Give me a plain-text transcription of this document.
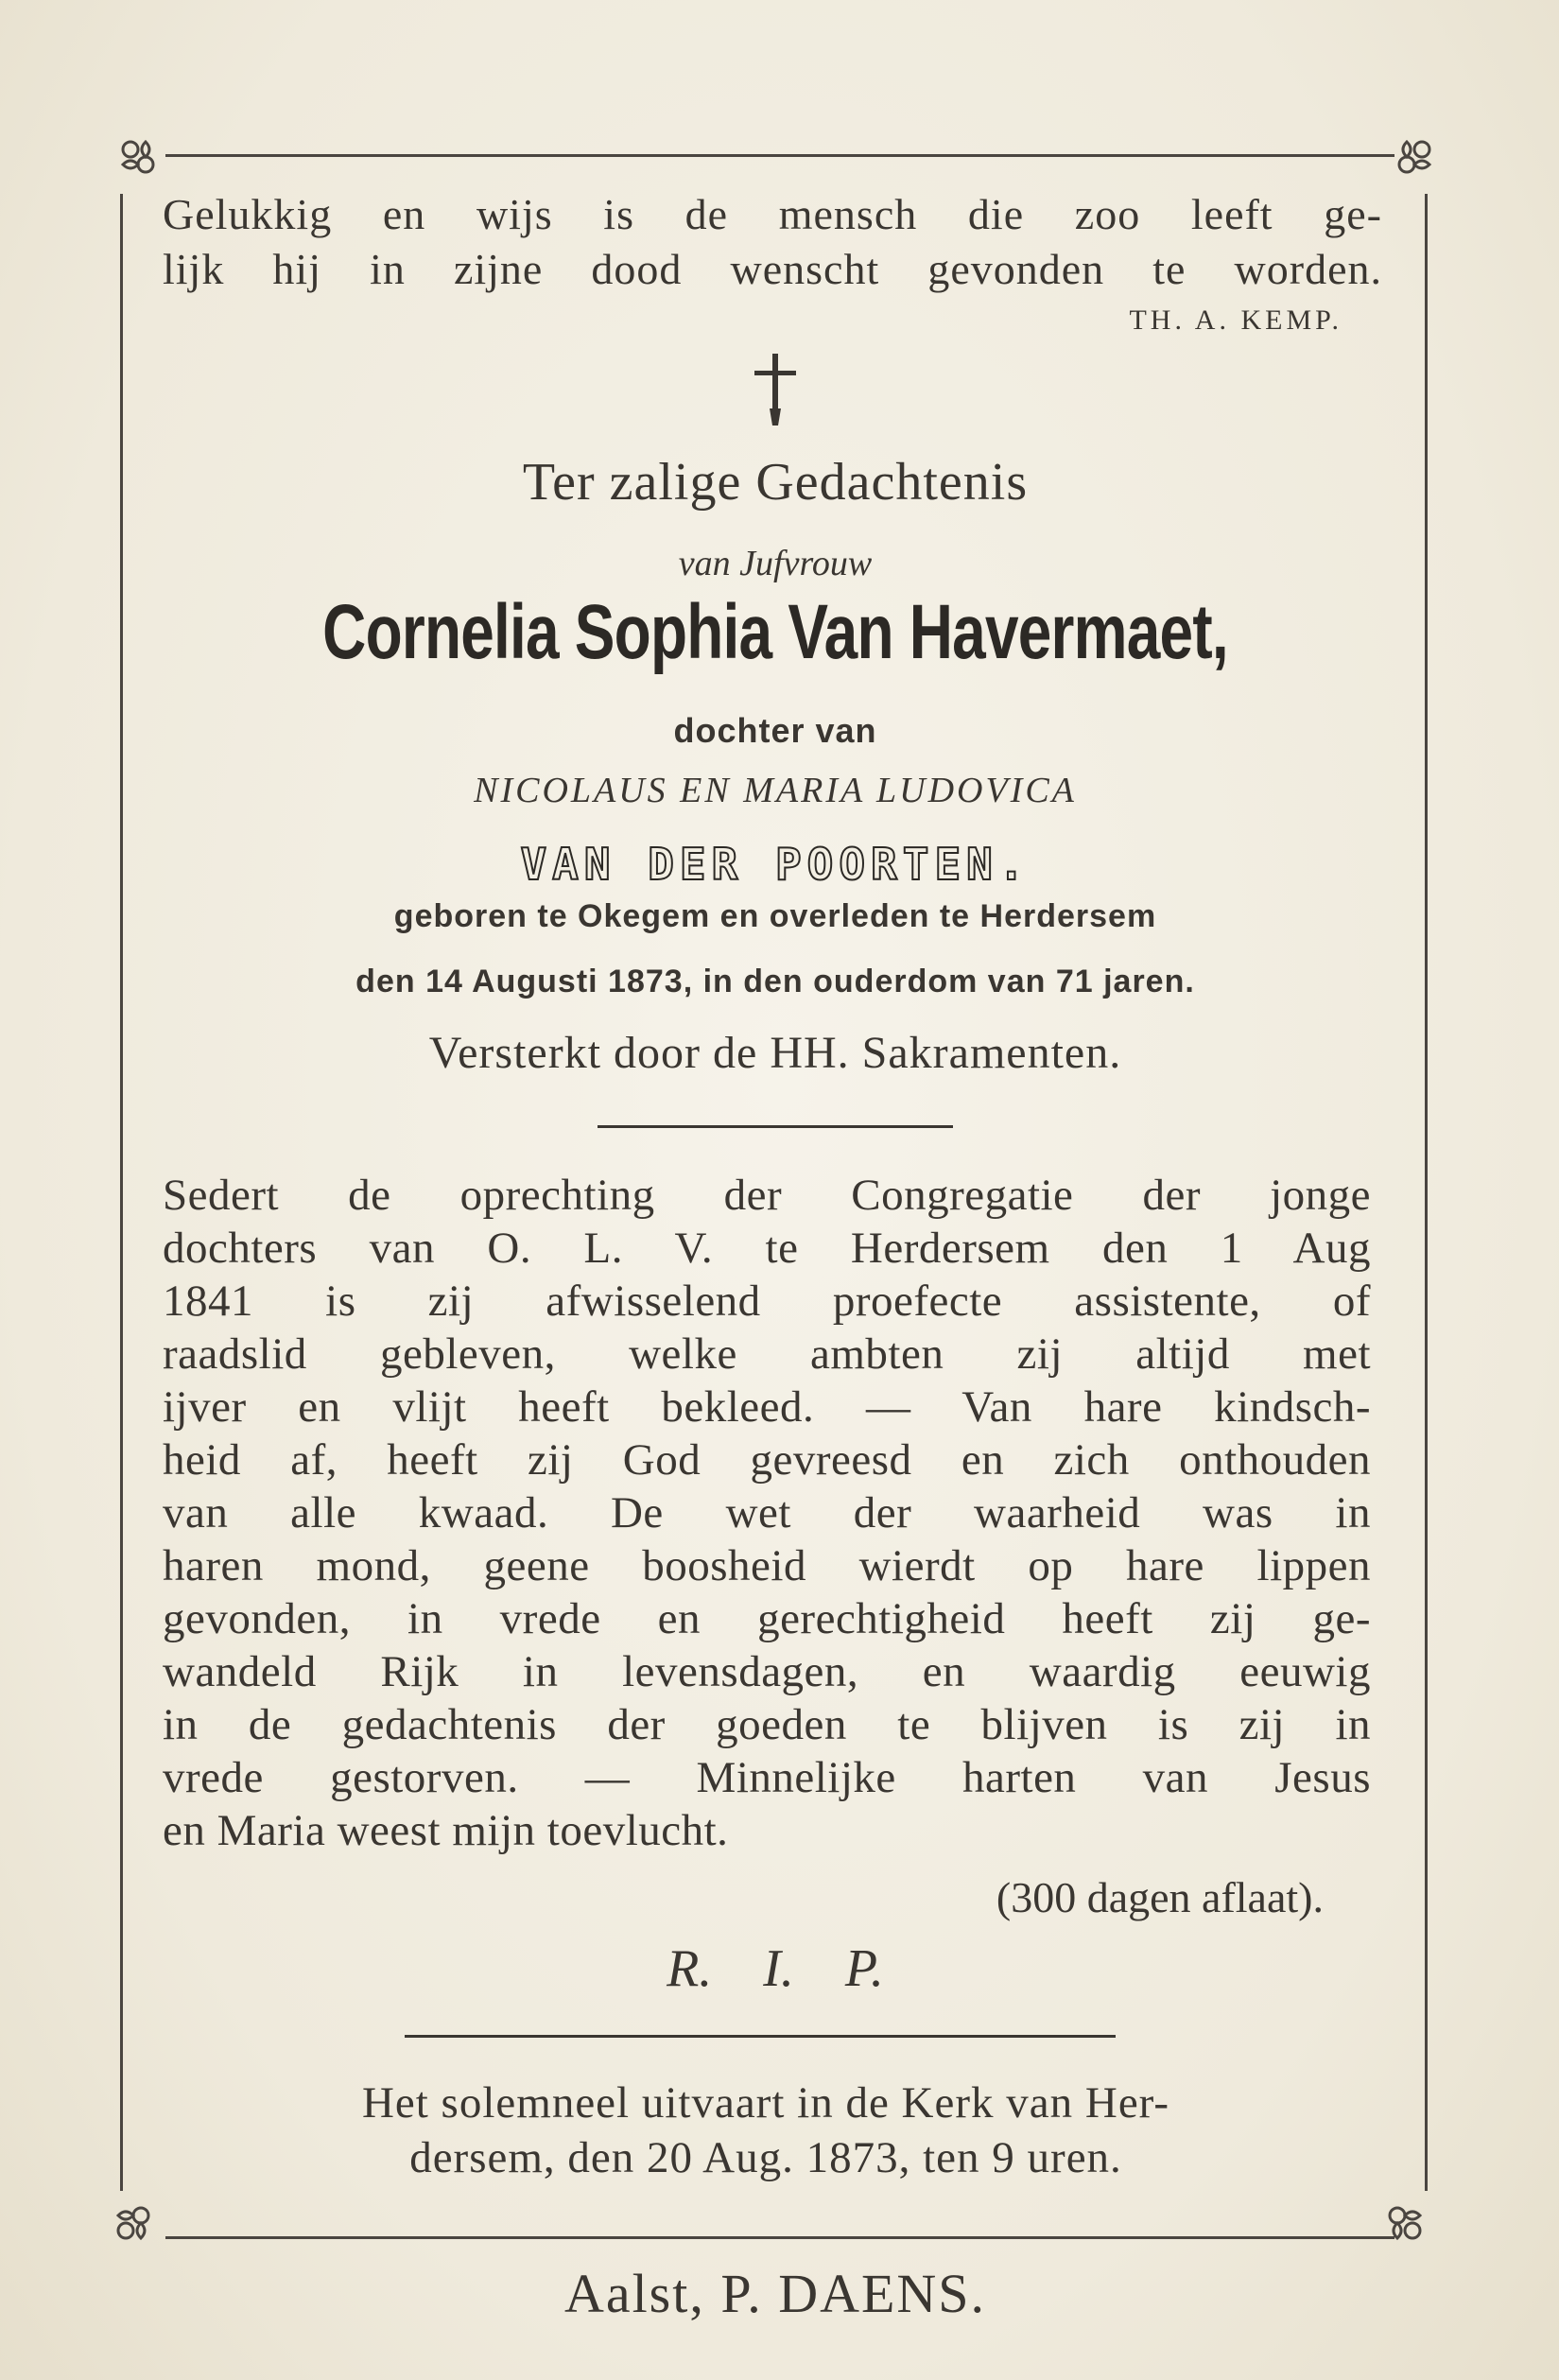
Gelukkig en wijs is de mensch die zoo leeft ge-
lijk hij in zijne dood wenscht gevonden te worden.
TH. A. KEMP.
Ter zalige Gedachtenis
van Jufvrouw
Cornelia Sophia Van Havermaet,
dochter van
NICOLAUS EN MARIA LUDOVICA
VAN DER POORTEN.
geboren te Okegem en overleden te Herdersem
den 14 Augusti 1873, in den ouderdom van 71 jaren.
Versterkt door de HH. Sakramenten.
Sedert de oprechting der Congregatie der jonge
dochters van O. L. V. te Herdersem den 1 Aug
1841 is zij afwisselend proefecte assistente, of
raadslid gebleven, welke ambten zij altijd met
ijver en vlijt heeft bekleed. — Van hare kindsch-
heid af, heeft zij God gevreesd en zich onthouden
van alle kwaad. De wet der waarheid was in
haren mond, geene boosheid wierdt op hare lippen
gevonden, in vrede en gerechtigheid heeft zij ge-
wandeld Rijk in levensdagen, en waardig eeuwig
in de gedachtenis der goeden te blijven is zij in
vrede gestorven. — Minnelijke harten van Jesus
en Maria weest mijn toevlucht.
(300 dagen aflaat).
R. I. P.
Het solemneel uitvaart in de Kerk van Her-
dersem, den 20 Aug. 1873, ten 9 uren.
Aalst, P. DAENS.
